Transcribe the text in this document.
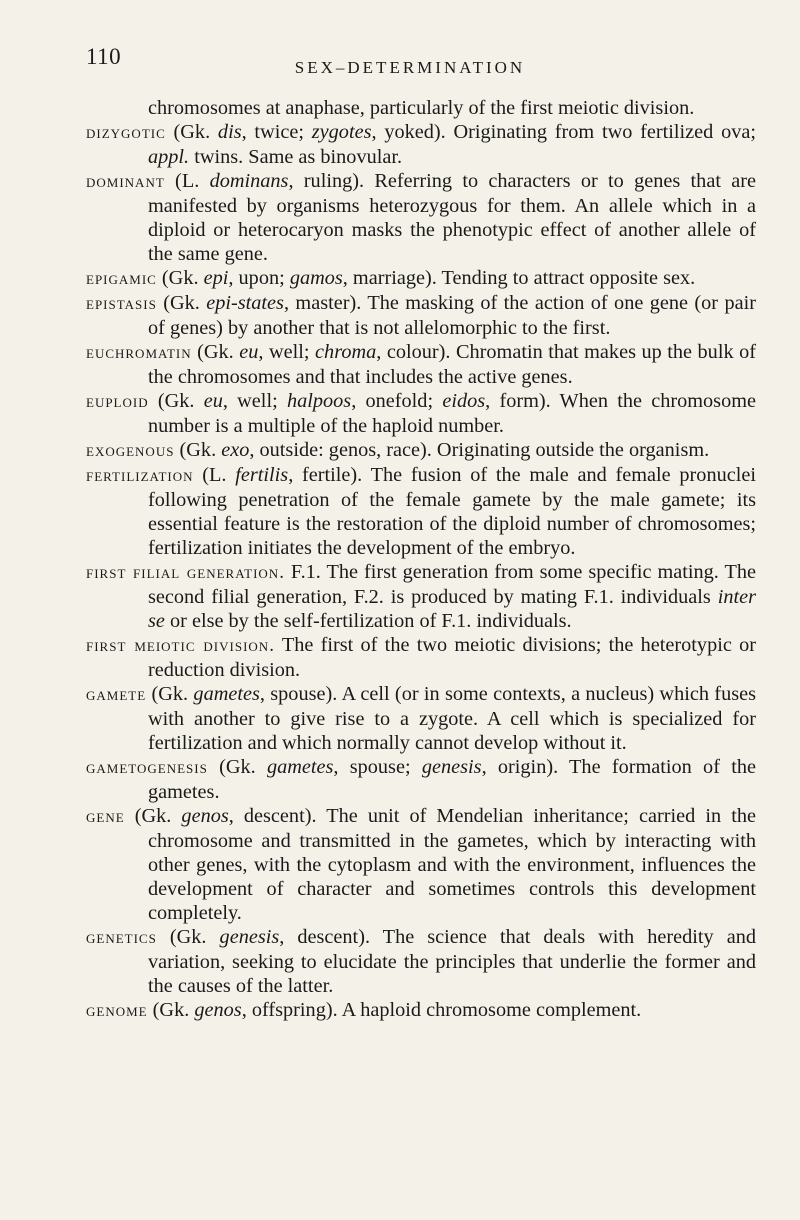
110	SEX–DETERMINATION

chromosomes at anaphase, particularly of the first meiotic division.

dizygotic (Gk. dis, twice; zygotes, yoked). Originating from two fertilized ova; appl. twins. Same as binovular.

dominant (L. dominans, ruling). Referring to characters or to genes that are manifested by organisms heterozygous for them. An allele which in a diploid or heterocaryon masks the phenotypic effect of another allele of the same gene.

epigamic (Gk. epi, upon; gamos, marriage). Tending to attract opposite sex.

epistasis (Gk. epi-states, master). The masking of the action of one gene (or pair of genes) by another that is not allelomorphic to the first.

euchromatin (Gk. eu, well; chroma, colour). Chromatin that makes up the bulk of the chromosomes and that includes the active genes.

euploid (Gk. eu, well; halpoos, onefold; eidos, form). When the chromosome number is a multiple of the haploid number.

exogenous (Gk. exo, outside: genos, race). Originating outside the organism.

fertilization (L. fertilis, fertile). The fusion of the male and female pronuclei following penetration of the female gamete by the male gamete; its essential feature is the restoration of the diploid number of chromosomes; fertilization initiates the development of the embryo.

first filial generation. F.1. The first generation from some specific mating. The second filial generation, F.2. is produced by mating F.1. individuals inter se or else by the self-fertilization of F.1. individuals.

first meiotic division. The first of the two meiotic divisions; the heterotypic or reduction division.

gamete (Gk. gametes, spouse). A cell (or in some contexts, a nucleus) which fuses with another to give rise to a zygote. A cell which is specialized for fertilization and which normally cannot develop without it.

gametogenesis (Gk. gametes, spouse; genesis, origin). The formation of the gametes.

gene (Gk. genos, descent). The unit of Mendelian inheritance; carried in the chromosome and transmitted in the gametes, which by interacting with other genes, with the cytoplasm and with the environment, influences the development of character and sometimes controls this development completely.

genetics (Gk. genesis, descent). The science that deals with heredity and variation, seeking to elucidate the principles that underlie the former and the causes of the latter.

genome (Gk. genos, offspring). A haploid chromosome complement.
